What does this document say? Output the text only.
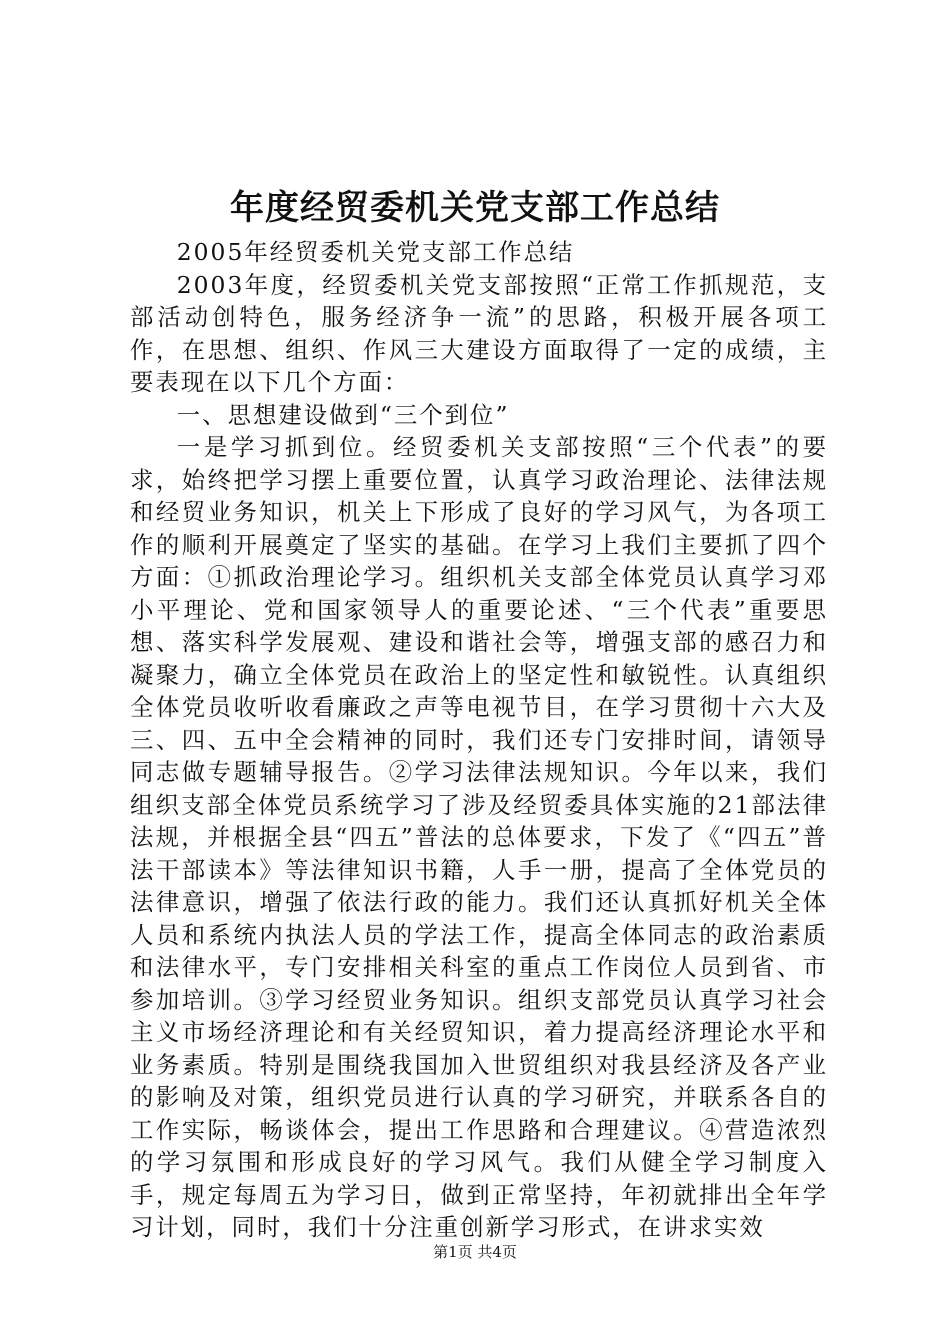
年度经贸委机关党支部工作总结

2005年经贸委机关党支部工作总结

2003年度，经贸委机关党支部按照“正常工作抓规范，支部活动创特色，服务经济争一流”的思路，积极开展各项工作，在思想、组织、作风三大建设方面取得了一定的成绩，主要表现在以下几个方面：

一、思想建设做到“三个到位”

一是学习抓到位。经贸委机关支部按照“三个代表”的要求，始终把学习摆上重要位置，认真学习政治理论、法律法规和经贸业务知识，机关上下形成了良好的学习风气，为各项工作的顺利开展奠定了坚实的基础。在学习上我们主要抓了四个方面：①抓政治理论学习。组织机关支部全体党员认真学习邓小平理论、党和国家领导人的重要论述、“三个代表”重要思想、落实科学发展观、建设和谐社会等，增强支部的感召力和凝聚力，确立全体党员在政治上的坚定性和敏锐性。认真组织全体党员收听收看廉政之声等电视节目，在学习贯彻十六大及三、四、五中全会精神的同时，我们还专门安排时间，请领导同志做专题辅导报告。②学习法律法规知识。今年以来，我们组织支部全体党员系统学习了涉及经贸委具体实施的21部法律法规，并根据全县“四五”普法的总体要求，下发了《“四五”普法干部读本》等法律知识书籍，人手一册，提高了全体党员的法律意识，增强了依法行政的能力。我们还认真抓好机关全体人员和系统内执法人员的学法工作，提高全体同志的政治素质和法律水平，专门安排相关科室的重点工作岗位人员到省、市参加培训。③学习经贸业务知识。组织支部党员认真学习社会主义市场经济理论和有关经贸知识，着力提高经济理论水平和业务素质。特别是围绕我国加入世贸组织对我县经济及各产业的影响及对策，组织党员进行认真的学习研究，并联系各自的工作实际，畅谈体会，提出工作思路和合理建议。④营造浓烈的学习氛围和形成良好的学习风气。我们从健全学习制度入手，规定每周五为学习日，做到正常坚持，年初就排出全年学习计划，同时，我们十分注重创新学习形式，在讲求实效

第1页 共4页
